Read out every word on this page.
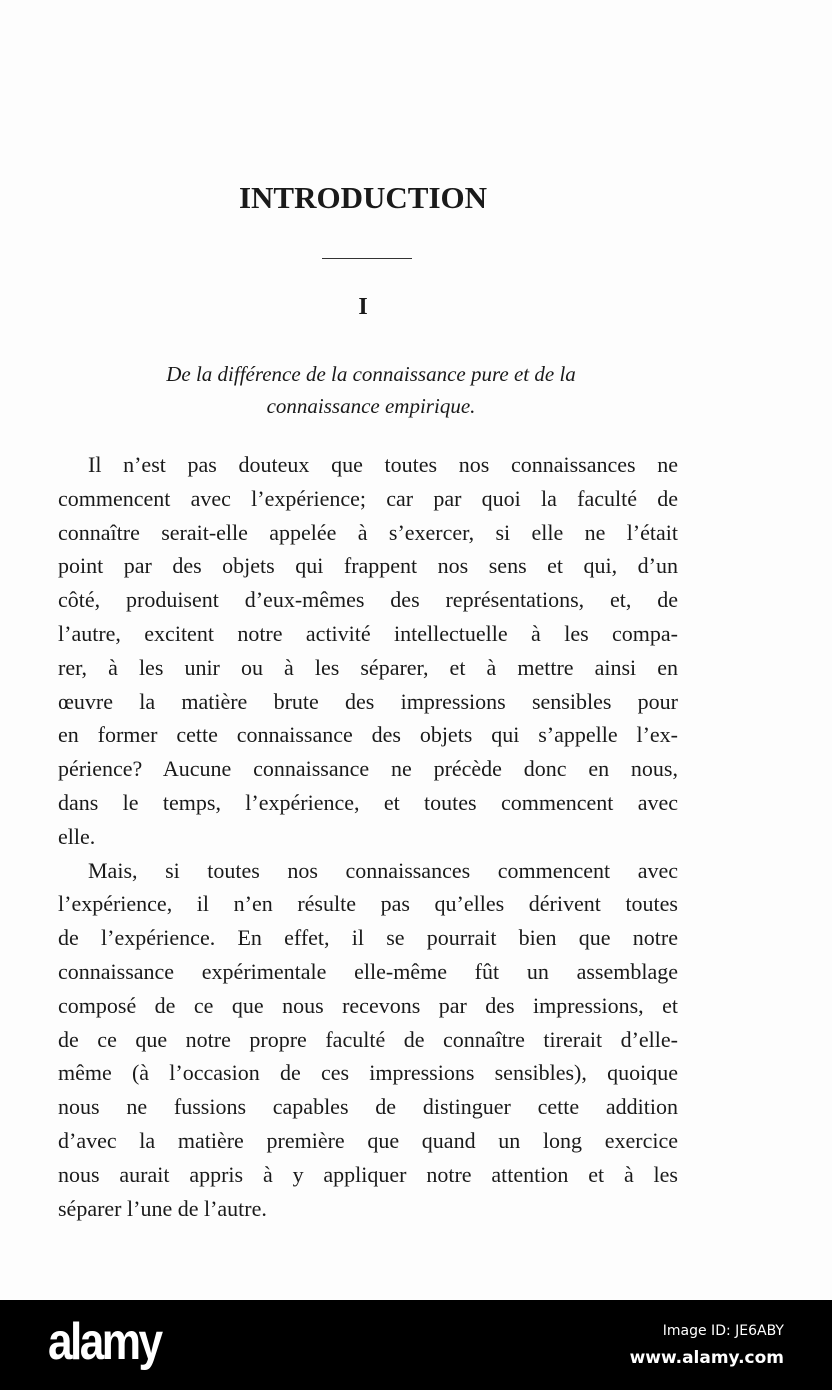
INTRODUCTION
I
De la différence de la connaissance pure et de la
connaissance empirique.
Il n’est pas douteux que toutes nos connaissances ne
commencent avec l’expérience; car par quoi la faculté de
connaître serait-elle appelée à s’exercer, si elle ne l’était
point par des objets qui frappent nos sens et qui, d’un
côté, produisent d’eux-mêmes des représentations, et, de
l’autre, excitent notre activité intellectuelle à les compa-
rer, à les unir ou à les séparer, et à mettre ainsi en
œuvre la matière brute des impressions sensibles pour
en former cette connaissance des objets qui s’appelle l’ex-
périence? Aucune connaissance ne précède donc en nous,
dans le temps, l’expérience, et toutes commencent avec
elle.
Mais, si toutes nos connaissances commencent avec
l’expérience, il n’en résulte pas qu’elles dérivent toutes
de l’expérience. En effet, il se pourrait bien que notre
connaissance expérimentale elle-même fût un assemblage
composé de ce que nous recevons par des impressions, et
de ce que notre propre faculté de connaître tirerait d’elle-
même (à l’occasion de ces impressions sensibles), quoique
nous ne fussions capables de distinguer cette addition
d’avec la matière première que quand un long exercice
nous aurait appris à y appliquer notre attention et à les
séparer l’une de l’autre.
alamy	Image ID: JE6ABY
www.alamy.com
